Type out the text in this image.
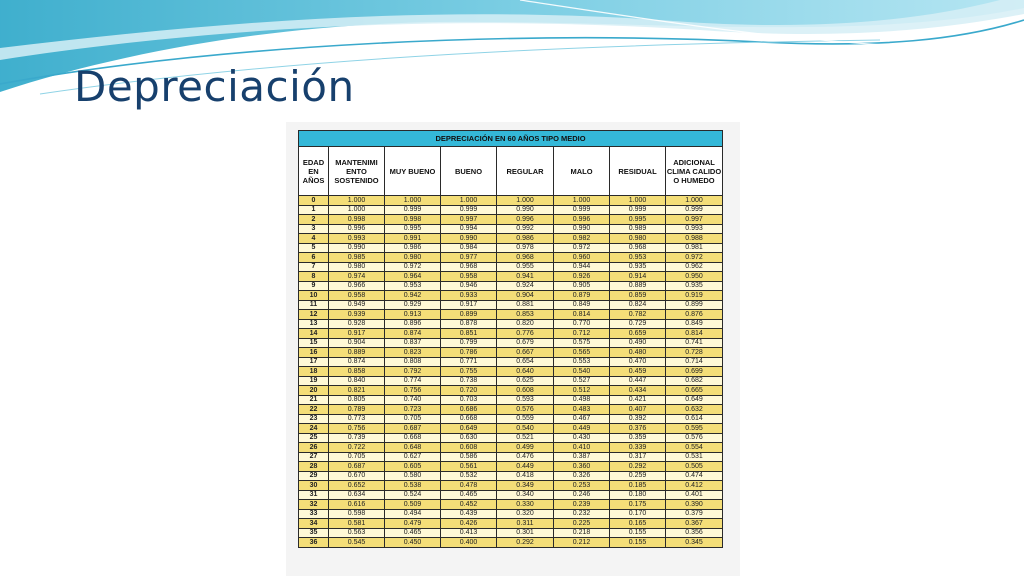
Depreciación
DEPRECIACIÓN EN 60 AÑOS TIPO MEDIO							
EDAD EN AÑOS	MANTENIMI ENTO SOSTENIDO	MUY BUENO	BUENO	REGULAR	MALO	RESIDUAL	ADICIONAL CLIMA CALIDO O HUMEDO
0	1.000	1.000	1.000	1.000	1.000	1.000	1.000
1	1.000	0.999	0.999	0.990	0.999	0.999	0.999
2	0.998	0.998	0.997	0.996	0.996	0.995	0.997
3	0.996	0.995	0.994	0.992	0.990	0.989	0.993
4	0.993	0.991	0.990	0.986	0.982	0.980	0.988
5	0.990	0.986	0.984	0.978	0.972	0.968	0.981
6	0.985	0.980	0.977	0.968	0.960	0.953	0.972
7	0.980	0.972	0.968	0.955	0.944	0.935	0.962
8	0.974	0.964	0.958	0.941	0.926	0.914	0.950
9	0.966	0.953	0.946	0.924	0.905	0.889	0.935
10	0.958	0.942	0.933	0.904	0.879	0.859	0.919
11	0.949	0.929	0.917	0.881	0.849	0.824	0.899
12	0.939	0.913	0.899	0.853	0.814	0.782	0.876
13	0.928	0.896	0.878	0.820	0.770	0.729	0.849
14	0.917	0.874	0.851	0.776	0.712	0.659	0.814
15	0.904	0.837	0.799	0.679	0.575	0.490	0.741
16	0.889	0.823	0.786	0.667	0.565	0.480	0.728
17	0.874	0.808	0.771	0.654	0.553	0.470	0.714
18	0.858	0.792	0.755	0.640	0.540	0.459	0.699
19	0.840	0.774	0.738	0.625	0.527	0.447	0.682
20	0.821	0.756	0.720	0.608	0.512	0.434	0.665
21	0.805	0.740	0.703	0.593	0.498	0.421	0.649
22	0.789	0.723	0.686	0.576	0.483	0.407	0.632
23	0.773	0.705	0.668	0.559	0.467	0.392	0.614
24	0.756	0.687	0.649	0.540	0.449	0.376	0.595
25	0.739	0.668	0.630	0.521	0.430	0.359	0.576
26	0.722	0.648	0.608	0.499	0.410	0.339	0.554
27	0.705	0.627	0.586	0.476	0.387	0.317	0.531
28	0.687	0.605	0.561	0.449	0.360	0.292	0.505
29	0.670	0.580	0.532	0.418	0.326	0.259	0.474
30	0.652	0.538	0.478	0.349	0.253	0.185	0.412
31	0.634	0.524	0.465	0.340	0.246	0.180	0.401
32	0.616	0.509	0.452	0.330	0.239	0.175	0.390
33	0.598	0.494	0.439	0.320	0.232	0.170	0.379
34	0.581	0.479	0.426	0.311	0.225	0.165	0.367
35	0.563	0.465	0.413	0.301	0.218	0.155	0.356
36	0.545	0.450	0.400	0.292	0.212	0.155	0.345
